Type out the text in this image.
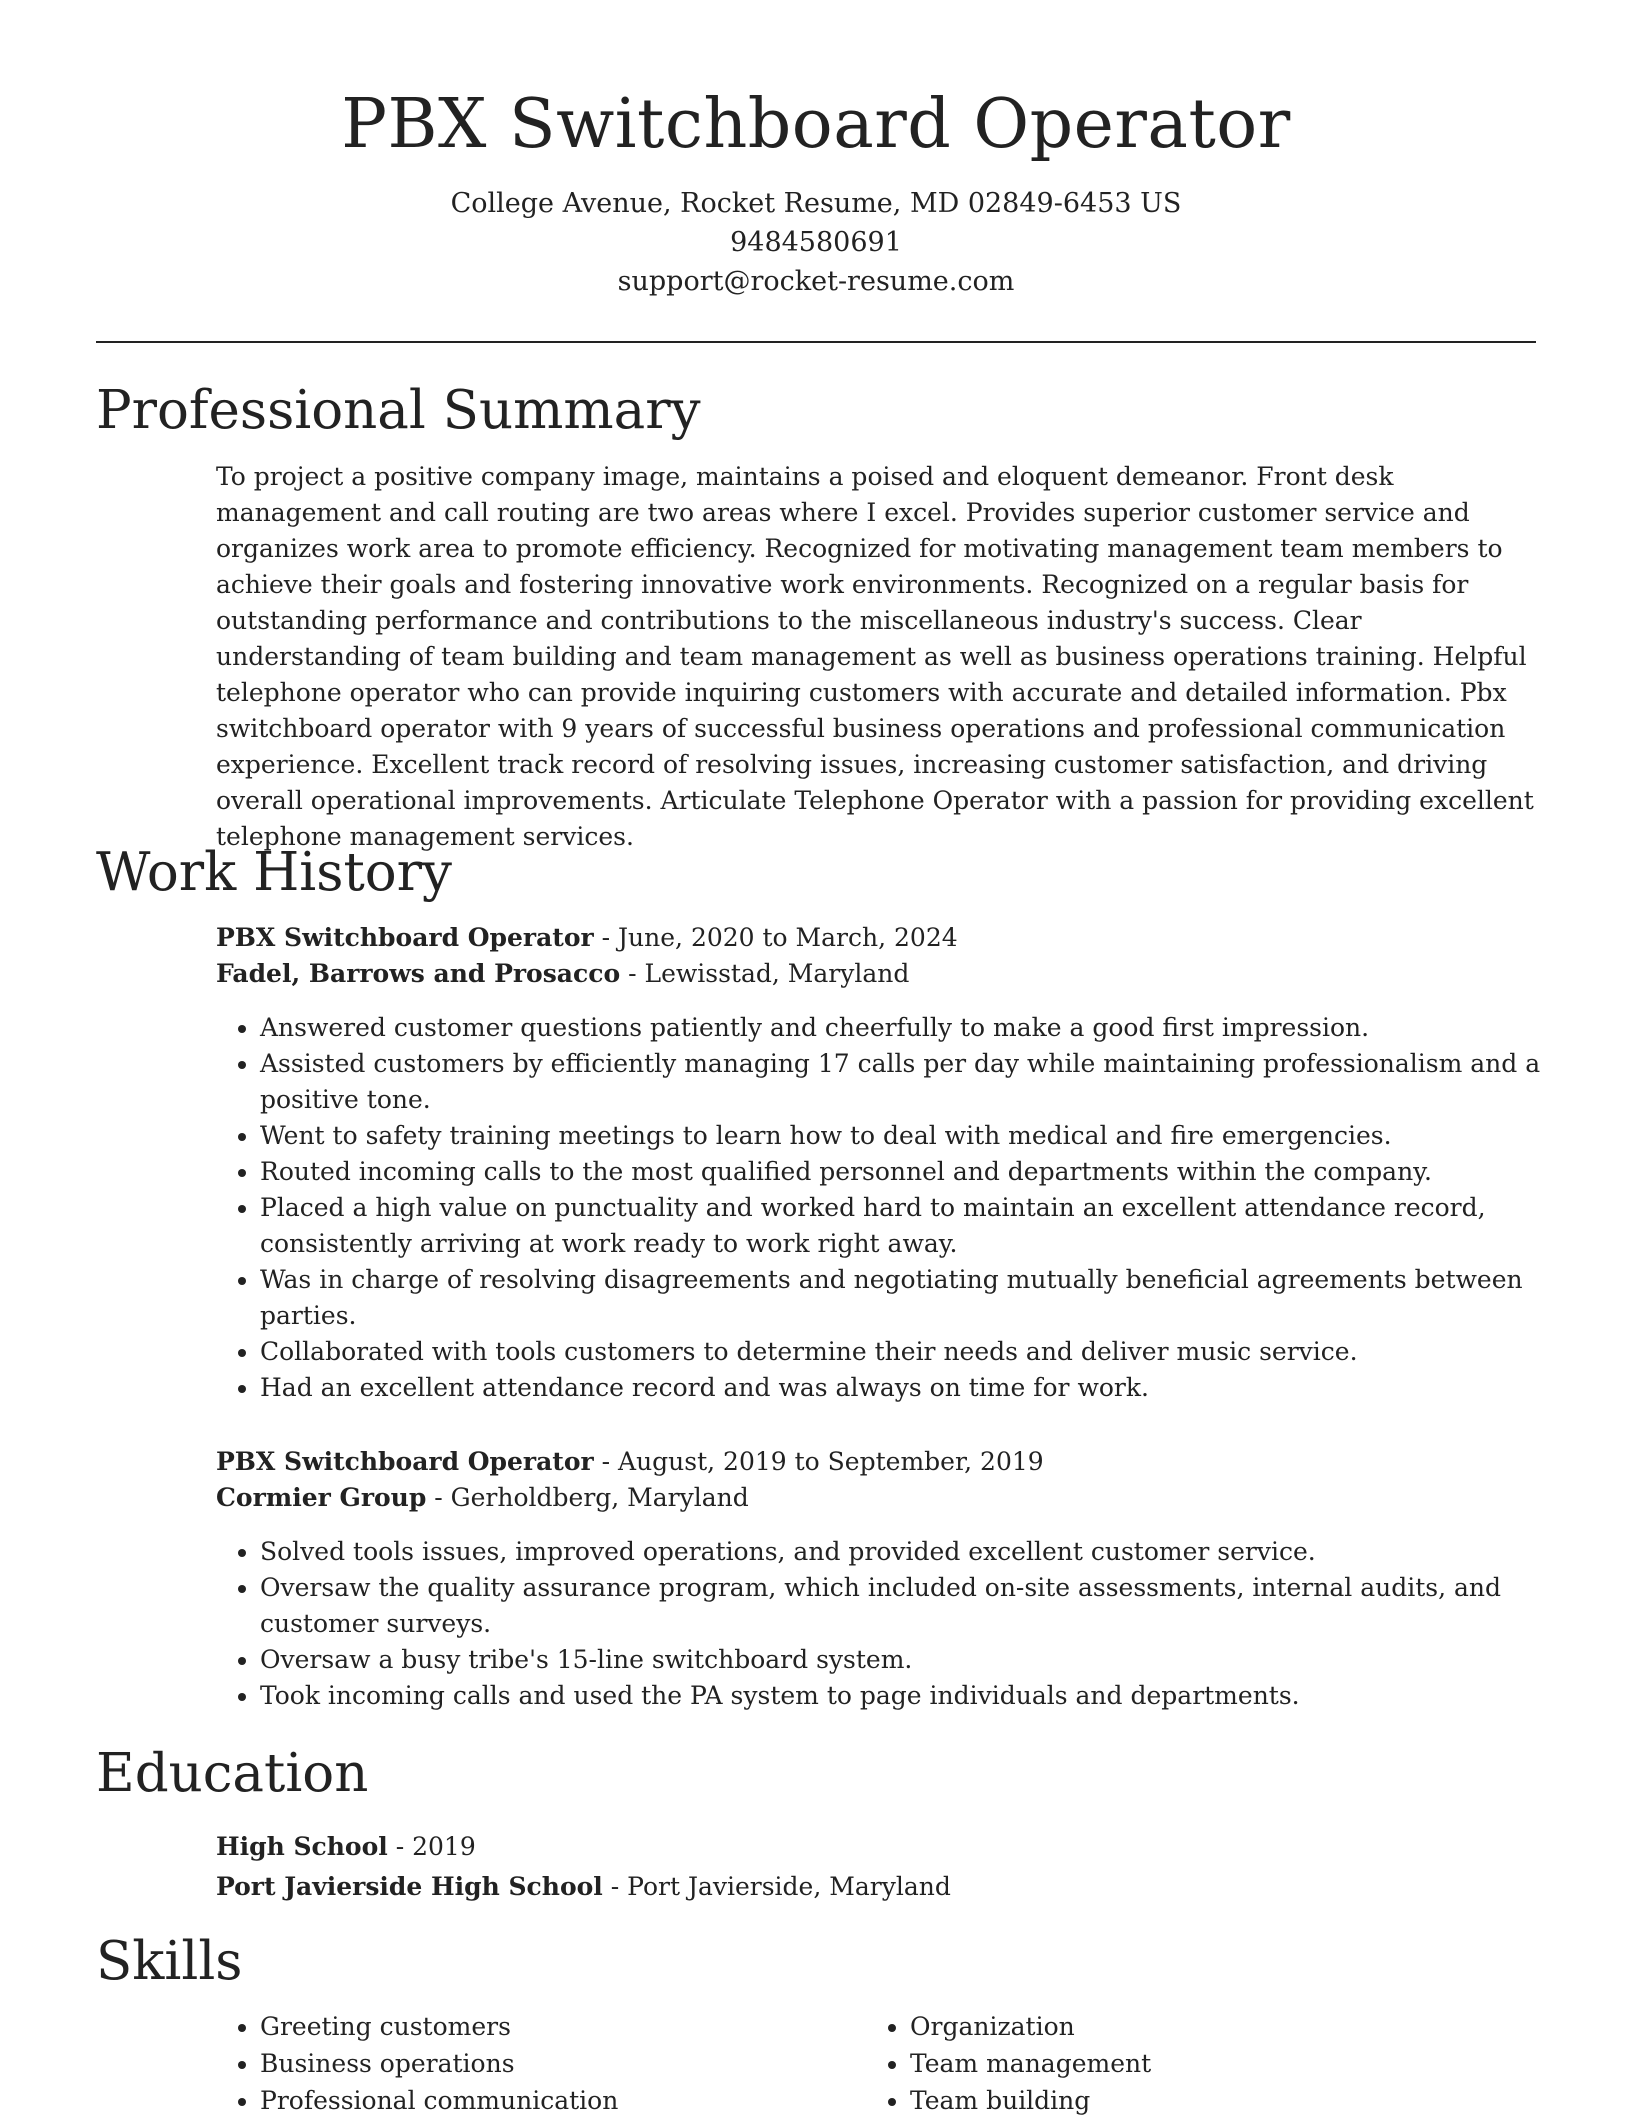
PBX Switchboard Operator
College Avenue, Rocket Resume, MD 02849-6453 US
9484580691
support@rocket-resume.com
Professional Summary
To project a positive company image, maintains a poised and eloquent demeanor. Front desk management and call routing are two areas where I excel. Provides superior customer service and organizes work area to promote efficiency. Recognized for motivating management team members to achieve their goals and fostering innovative work environments. Recognized on a regular basis for outstanding performance and contributions to the miscellaneous industry's success. Clear understanding of team building and team management as well as business operations training. Helpful telephone operator who can provide inquiring customers with accurate and detailed information. Pbx switchboard operator with 9 years of successful business operations and professional communication experience. Excellent track record of resolving issues, increasing customer satisfaction, and driving overall operational improvements. Articulate Telephone Operator with a passion for providing excellent telephone management services.
Work History
PBX Switchboard Operator - June, 2020 to March, 2024
Fadel, Barrows and Prosacco - Lewisstad, Maryland
• Answered customer questions patiently and cheerfully to make a good first impression.
• Assisted customers by efficiently managing 17 calls per day while maintaining professionalism and a positive tone.
• Went to safety training meetings to learn how to deal with medical and fire emergencies.
• Routed incoming calls to the most qualified personnel and departments within the company.
• Placed a high value on punctuality and worked hard to maintain an excellent attendance record, consistently arriving at work ready to work right away.
• Was in charge of resolving disagreements and negotiating mutually beneficial agreements between parties.
• Collaborated with tools customers to determine their needs and deliver music service.
• Had an excellent attendance record and was always on time for work.
PBX Switchboard Operator - August, 2019 to September, 2019
Cormier Group - Gerholdberg, Maryland
• Solved tools issues, improved operations, and provided excellent customer service.
• Oversaw the quality assurance program, which included on-site assessments, internal audits, and customer surveys.
• Oversaw a busy tribe's 15-line switchboard system.
• Took incoming calls and used the PA system to page individuals and departments.
Education
High School - 2019
Port Javierside High School - Port Javierside, Maryland
Skills
• Greeting customers
• Business operations
• Professional communication
• Organization
• Team management
• Team building
